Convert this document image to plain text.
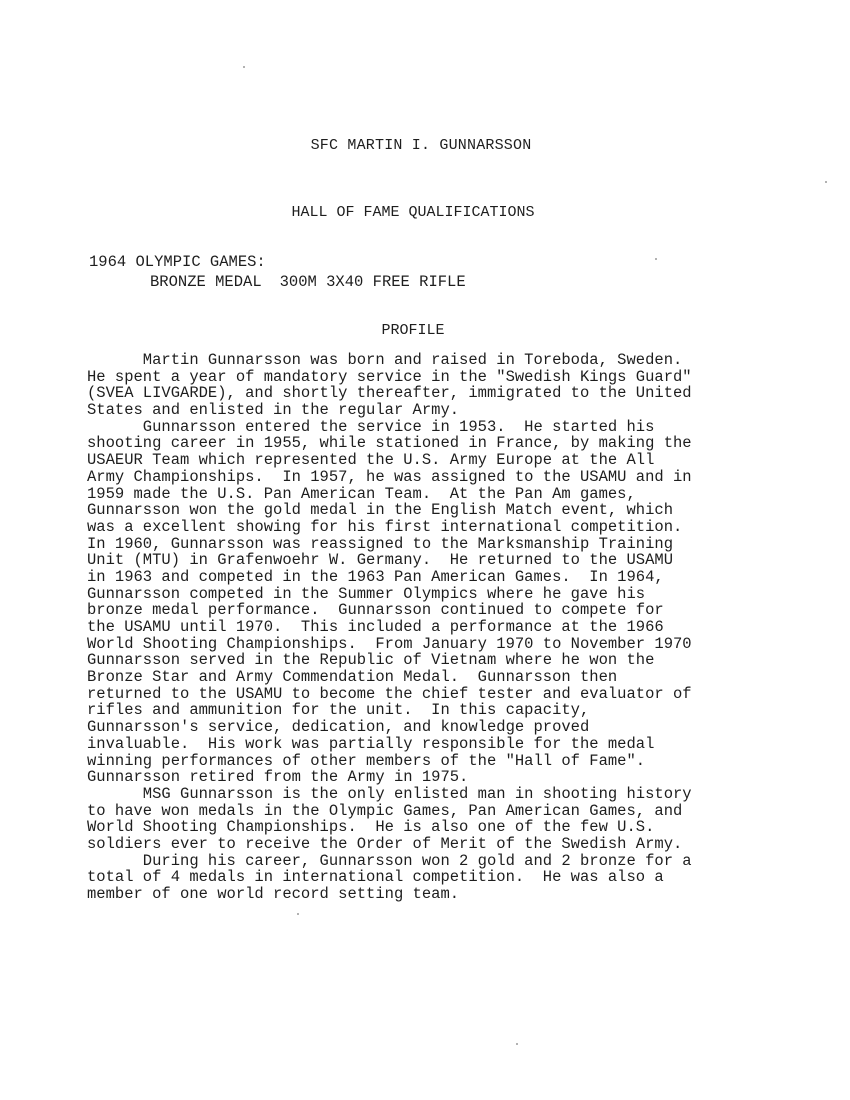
SFC MARTIN I. GUNNARSSON
HALL OF FAME QUALIFICATIONS
1964 OLYMPIC GAMES:
BRONZE MEDAL 300M 3X40 FREE RIFLE
PROFILE
Martin Gunnarsson was born and raised in Toreboda, Sweden.
He spent a year of mandatory service in the "Swedish Kings Guard"
(SVEA LIVGARDE), and shortly thereafter, immigrated to the United
States and enlisted in the regular Army.
Gunnarsson entered the service in 1953.  He started his
shooting career in 1955, while stationed in France, by making the
USAEUR Team which represented the U.S. Army Europe at the All
Army Championships.  In 1957, he was assigned to the USAMU and in
1959 made the U.S. Pan American Team.  At the Pan Am games,
Gunnarsson won the gold medal in the English Match event, which
was a excellent showing for his first international competition.
In 1960, Gunnarsson was reassigned to the Marksmanship Training
Unit (MTU) in Grafenwoehr W. Germany.  He returned to the USAMU
in 1963 and competed in the 1963 Pan American Games.  In 1964,
Gunnarsson competed in the Summer Olympics where he gave his
bronze medal performance.  Gunnarsson continued to compete for
the USAMU until 1970.  This included a performance at the 1966
World Shooting Championships.  From January 1970 to November 1970
Gunnarsson served in the Republic of Vietnam where he won the
Bronze Star and Army Commendation Medal.  Gunnarsson then
returned to the USAMU to become the chief tester and evaluator of
rifles and ammunition for the unit.  In this capacity,
Gunnarsson's service, dedication, and knowledge proved
invaluable.  His work was partially responsible for the medal
winning performances of other members of the "Hall of Fame".
Gunnarsson retired from the Army in 1975.
MSG Gunnarsson is the only enlisted man in shooting history
to have won medals in the Olympic Games, Pan American Games, and
World Shooting Championships.  He is also one of the few U.S.
soldiers ever to receive the Order of Merit of the Swedish Army.
During his career, Gunnarsson won 2 gold and 2 bronze for a
total of 4 medals in international competition.  He was also a
member of one world record setting team.
